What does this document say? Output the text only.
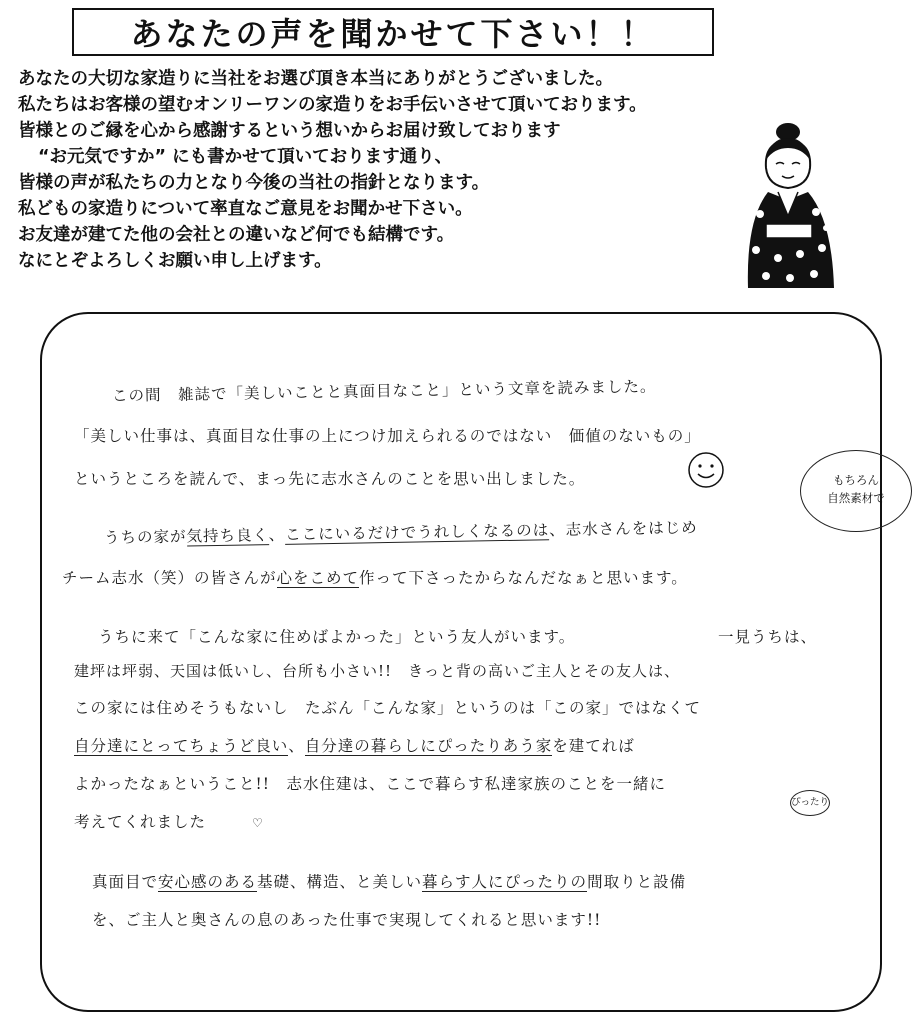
あなたの声を聞かせて下さい！！
あなたの大切な家造りに当社をお選び頂き本当にありがとうございました。
私たちはお客様の望むオンリーワンの家造りをお手伝いさせて頂いております。
皆様とのご縁を心から感謝するという想いからお届け致しております
“お元気ですか” にも書かせて頂いております通り、
皆様の声が私たちの力となり今後の当社の指針となります。
私どもの家造りについて率直なご意見をお聞かせ下さい。
お友達が建てた他の会社との違いなど何でも結構です。
なにとぞよろしくお願い申し上げます。
この間　雑誌で「美しいことと真面目なこと」という文章を読みました。
「美しい仕事は、真面目な仕事の上につけ加えられるのではない　価値のないもの」
というところを読んで、まっ先に志水さんのことを思い出しました。	もちろん
自然素材で
うちの家が気持ち良く、ここにいるだけでうれしくなるのは、志水さんをはじめ
チーム志水（笑）の皆さんが心をこめて作って下さったからなんだなぁと思います。
うちに来て「こんな家に住めばよかった」という友人がいます。	一見うちは、
建坪は坪弱、天国は低いし、台所も小さい!!　きっと背の高いご主人とその友人は、
この家には住めそうもないし　たぶん「こんな家」というのは「この家」ではなくて
自分達にとってちょうど良い、自分達の暮らしにぴったりあう家を建てれば
よかったなぁということ!!　志水住建は、ここで暮らす私達家族のことを一緒に
ぴったり
考えてくれました	♡
真面目で安心感のある基礎、構造、と美しい暮らす人にぴったりの間取りと設備
を、ご主人と奥さんの息のあった仕事で実現してくれると思います!!
